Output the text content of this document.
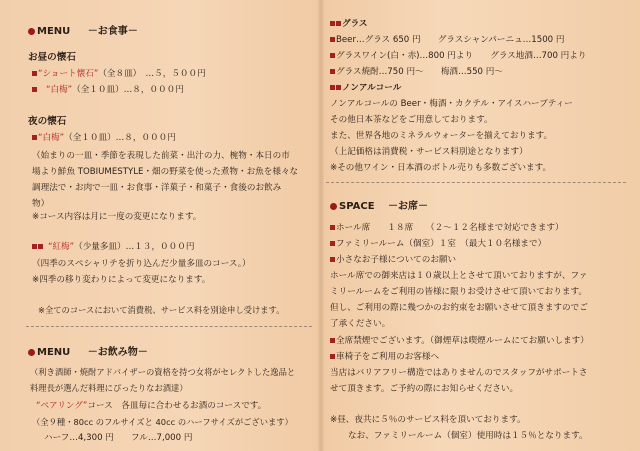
MENU －お食事－
お昼の懐石
“ショート懐石”（全８皿）　…５，５００円
“白梅”（全１０皿）…８，０００円
夜の懐石
“白梅”（全１０皿）…８，０００円
（始まりの一皿・季節を表現した前菜・出汁の力、椀物・本日の市
場より鮮魚 TOBIUMESTYLE・畑の野菜を使った煮物・お魚を様々な
調理法で・お肉で一皿・お食事・洋菓子・和菓子・食後のお飲み
物）
※コース内容は月に一度の変更になります。
“紅梅”（少量多皿）…１３，０００円
（四季のスペシャリテを折り込んだ少量多皿のコース。）
※四季の移り変わりによって変更になります。
※全てのコースにおいて消費税、サービス料を別途申し受けます。
MENU －お飲み物－
（利き酒師・焼酎アドバイザーの資格を持つ女将がセレクトした逸品と
料理長が選んだ料理にぴったりなお酒達）
“ペアリング”コース　各皿毎に合わせるお酒のコースです。
（全９種・80cc のフルサイズと 40cc のハーフサイズがございます）
ハーフ…4,300 円　　フル…7,000 円
グラス
Beer…グラス 650 円　　グラスシャンパーニュ…1500 円
グラスワイン(白・赤)…800 円より　　グラス地酒…700 円より
グラス焼酎…750 円～　　梅酒…550 円～
ノンアルコール
ノンアルコールの Beer・梅酒・カクテル・アイスハーブティー
その他日本茶などをご用意しております。
また、世界各地のミネラルウォーターを揃えております。
（上記価格は消費税・サービス料別途となります）
※その他ワイン・日本酒のボトル売りも多数ございます。
SPACE －お席－
ホール席　　１８席　　（２～１２名様まで対応できます）
ファミリールーム（個室）１室　（最大１０名様まで）
小さなお子様についてのお願い
ホール席での御来店は１０歳以上とさせて頂いておりますが、ファ
ミリールームをご利用の皆様に限りお受けさせて頂いております。
但し、ご利用の際に幾つかのお約束をお願いさせて頂きますのでご
了承ください。
全席禁煙でございます。（御煙草は喫煙ルームにてお願いします）
車椅子をご利用のお客様へ
当店はバリアフリー構造ではありませんのでスタッフがサポートさ
せて頂きます。ご予約の際にお知らせください。
※昼、夜共に５％のサービス料を頂いております。
なお、ファミリールーム（個室）使用時は１５％となります。
